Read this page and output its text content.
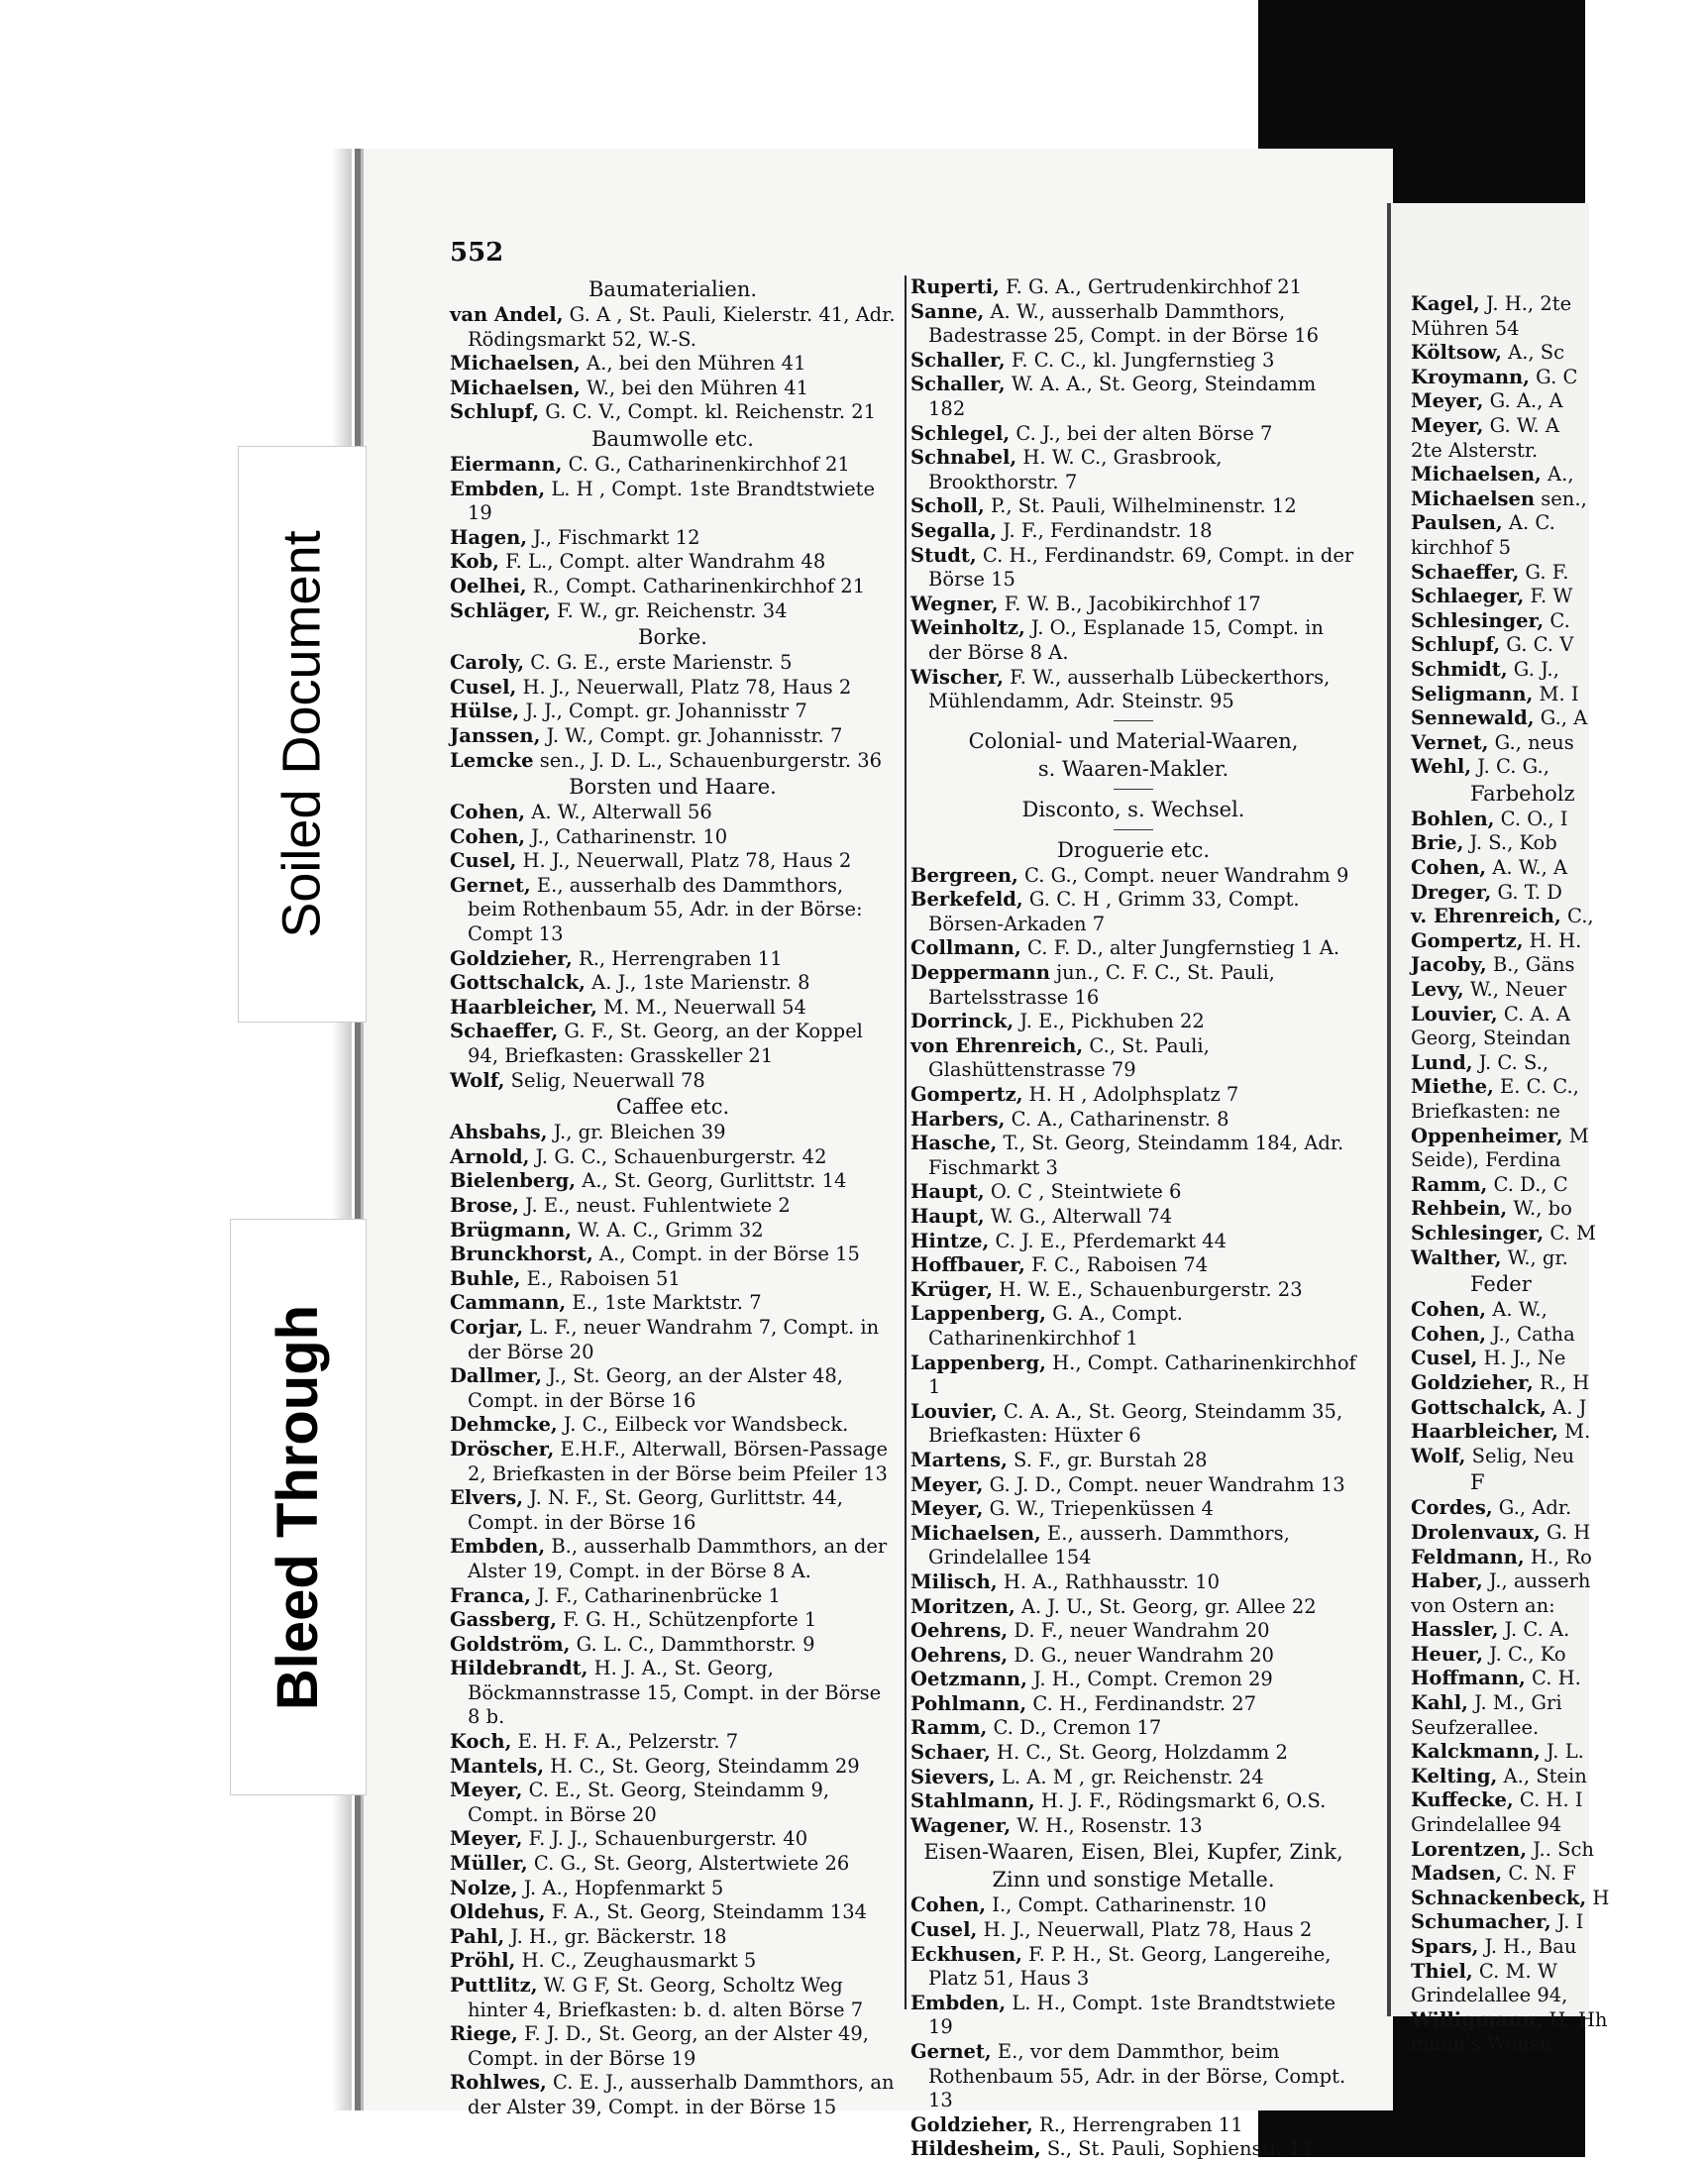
552
Baumaterialien.
van Andel, G. A , St. Pauli, Kielerstr. 41, Adr. Rödingsmarkt 52, W.-S.
Michaelsen, A., bei den Mühren 41
Michaelsen, W., bei den Mühren 41
Schlupf, G. C. V., Compt. kl. Reichenstr. 21
Baumwolle etc.
Eiermann, C. G., Catharinenkirchhof 21
Embden, L. H , Compt. 1ste Brandtstwiete 19
Hagen, J., Fischmarkt 12
Kob, F. L., Compt. alter Wandrahm 48
Oelhei, R., Compt. Catharinenkirchhof 21
Schläger, F. W., gr. Reichenstr. 34
Borke.
Caroly, C. G. E., erste Marienstr. 5
Cusel, H. J., Neuerwall, Platz 78, Haus 2
Hülse, J. J., Compt. gr. Johannisstr 7
Janssen, J. W., Compt. gr. Johannisstr. 7
Lemcke sen., J. D. L., Schauenburgerstr. 36
Borsten und Haare.
Cohen, A. W., Alterwall 56
Cohen, J., Catharinenstr. 10
Cusel, H. J., Neuerwall, Platz 78, Haus 2
Gernet, E., ausserhalb des Dammthors, beim Rothenbaum 55, Adr. in der Börse: Compt 13
Goldzieher, R., Herrengraben 11
Gottschalck, A. J., 1ste Marienstr. 8
Haarbleicher, M. M., Neuerwall 54
Schaeffer, G. F., St. Georg, an der Koppel 94, Briefkasten: Grasskeller 21
Wolf, Selig, Neuerwall 78
Caffee etc.
Ahsbahs, J., gr. Bleichen 39
Arnold, J. G. C., Schauenburgerstr. 42
Bielenberg, A., St. Georg, Gurlittstr. 14
Brose, J. E., neust. Fuhlentwiete 2
Brügmann, W. A. C., Grimm 32
Brunckhorst, A., Compt. in der Börse 15
Buhle, E., Raboisen 51
Cammann, E., 1ste Marktstr. 7
Corjar, L. F., neuer Wandrahm 7, Compt. in der Börse 20
Dallmer, J., St. Georg, an der Alster 48, Compt. in der Börse 16
Dehmcke, J. C., Eilbeck vor Wandsbeck.
Dröscher, E.H.F., Alterwall, Börsen-Passage 2, Briefkasten in der Börse beim Pfeiler 13
Elvers, J. N. F., St. Georg, Gurlittstr. 44, Compt. in der Börse 16
Embden, B., ausserhalb Dammthors, an der Alster 19, Compt. in der Börse 8 A.
Franca, J. F., Catharinenbrücke 1
Gassberg, F. G. H., Schützenpforte 1
Goldström, G. L. C., Dammthorstr. 9
Hildebrandt, H. J. A., St. Georg, Böckmannstrasse 15, Compt. in der Börse 8 b.
Koch, E. H. F. A., Pelzerstr. 7
Mantels, H. C., St. Georg, Steindamm 29
Meyer, C. E., St. Georg, Steindamm 9, Compt. in Börse 20
Meyer, F. J. J., Schauenburgerstr. 40
Müller, C. G., St. Georg, Alstertwiete 26
Nolze, J. A., Hopfenmarkt 5
Oldehus, F. A., St. Georg, Steindamm 134
Pahl, J. H., gr. Bäckerstr. 18
Pröhl, H. C., Zeughausmarkt 5
Puttlitz, W. G F, St. Georg, Scholtz Weg hinter 4, Briefkasten: b. d. alten Börse 7
Riege, F. J. D., St. Georg, an der Alster 49, Compt. in der Börse 19
Rohlwes, C. E. J., ausserhalb Dammthors, an der Alster 39, Compt. in der Börse 15
Ruperti, F. G. A., Gertrudenkirchhof 21
Sanne, A. W., ausserhalb Dammthors, Badestrasse 25, Compt. in der Börse 16
Schaller, F. C. C., kl. Jungfernstieg 3
Schaller, W. A. A., St. Georg, Steindamm 182
Schlegel, C. J., bei der alten Börse 7
Schnabel, H. W. C., Grasbrook, Brookthorstr. 7
Scholl, P., St. Pauli, Wilhelminenstr. 12
Segalla, J. F., Ferdinandstr. 18
Studt, C. H., Ferdinandstr. 69, Compt. in der Börse 15
Wegner, F. W. B., Jacobikirchhof 17
Weinholtz, J. O., Esplanade 15, Compt. in der Börse 8 A.
Wischer, F. W., ausserhalb Lübeckerthors, Mühlendamm, Adr. Steinstr. 95
Colonial- und Material-Waaren,
s. Waaren-Makler.
Disconto, s. Wechsel.
Droguerie etc.
Bergreen, C. G., Compt. neuer Wandrahm 9
Berkefeld, G. C. H , Grimm 33, Compt. Börsen-Arkaden 7
Collmann, C. F. D., alter Jungfernstieg 1 A.
Deppermann jun., C. F. C., St. Pauli, Bartelsstrasse 16
Dorrinck, J. E., Pickhuben 22
von Ehrenreich, C., St. Pauli, Glashüttenstrasse 79
Gompertz, H. H , Adolphsplatz 7
Harbers, C. A., Catharinenstr. 8
Hasche, T., St. Georg, Steindamm 184, Adr. Fischmarkt 3
Haupt, O. C , Steintwiete 6
Haupt, W. G., Alterwall 74
Hintze, C. J. E., Pferdemarkt 44
Hoffbauer, F. C., Raboisen 74
Krüger, H. W. E., Schauenburgerstr. 23
Lappenberg, G. A., Compt. Catharinenkirchhof 1
Lappenberg, H., Compt. Catharinenkirchhof 1
Louvier, C. A. A., St. Georg, Steindamm 35, Briefkasten: Hüxter 6
Martens, S. F., gr. Burstah 28
Meyer, G. J. D., Compt. neuer Wandrahm 13
Meyer, G. W., Triepenküssen 4
Michaelsen, E., ausserh. Dammthors, Grindelallee 154
Milisch, H. A., Rathhausstr. 10
Moritzen, A. J. U., St. Georg, gr. Allee 22
Oehrens, D. F., neuer Wandrahm 20
Oehrens, D. G., neuer Wandrahm 20
Oetzmann, J. H., Compt. Cremon 29
Pohlmann, C. H., Ferdinandstr. 27
Ramm, C. D., Cremon 17
Schaer, H. C., St. Georg, Holzdamm 2
Sievers, L. A. M , gr. Reichenstr. 24
Stahlmann, H. J. F., Rödingsmarkt 6, O.S.
Wagener, W. H., Rosenstr. 13
Eisen-Waaren, Eisen, Blei, Kupfer, Zink,
Zinn und sonstige Metalle.
Cohen, I., Compt. Catharinenstr. 10
Cusel, H. J., Neuerwall, Platz 78, Haus 2
Eckhusen, F. P. H., St. Georg, Langereihe, Platz 51, Haus 3
Embden, L. H., Compt. 1ste Brandtstwiete 19
Gernet, E., vor dem Dammthor, beim Rothenbaum 55, Adr. in der Börse, Compt. 13
Goldzieher, R., Herrengraben 11
Hildesheim, S., St. Pauli, Sophienstr. 11
Kagel, J. H., 2te
Mühren 54
Költsow, A., Sc
Kroymann, G. C
Meyer, G. A., A
Meyer, G. W. A
2te Alsterstr.
Michaelsen, A.,
Michaelsen sen.,
Paulsen, A. C.
kirchhof 5
Schaeffer, G. F.
Schlaeger, F. W
Schlesinger, C.
Schlupf, G. C. V
Schmidt, G. J.,
Seligmann, M. I
Sennewald, G., A
Vernet, G., neus
Wehl, J. C. G.,
Farbeholz
Bohlen, C. O., I
Brie, J. S., Kob
Cohen, A. W., A
Dreger, G. T. D
v. Ehrenreich, C.,
Gompertz, H. H.
Jacoby, B., Gäns
Levy, W., Neuer
Louvier, C. A. A
Georg, Steindan
Lund, J. C. S.,
Miethe, E. C. C.,
Briefkasten: ne
Oppenheimer, M
Seide), Ferdina
Ramm, C. D., C
Rehbein, W., bo
Schlesinger, C. M
Walther, W., gr.
Feder
Cohen, A. W.,
Cohen, J., Catha
Cusel, H. J., Ne
Goldzieher, R., H
Gottschalck, A. J
Haarbleicher, M.
Wolf, Selig, Neu
F
Cordes, G., Adr.
Drolenvaux, G. H
Feldmann, H., Ro
Haber, J., ausserh
von Ostern an:
Hassler, J. C. A.
Heuer, J. C., Ko
Hoffmann, C. H.
Kahl, J. M., Gri
Seufzerallee.
Kalckmann, J. L.
Kelting, A., Stein
Kuffecke, C. H. I
Grindelallee 94
Lorentzen, J.. Sch
Madsen, C. N. F
Schnackenbeck, H
Schumacher, J. I
Spars, J. H., Bau
Thiel, C. M. W
Grindelallee 94,
Willigmann, H. Hh
mann's Wohsu
Soiled Document
Bleed Through
